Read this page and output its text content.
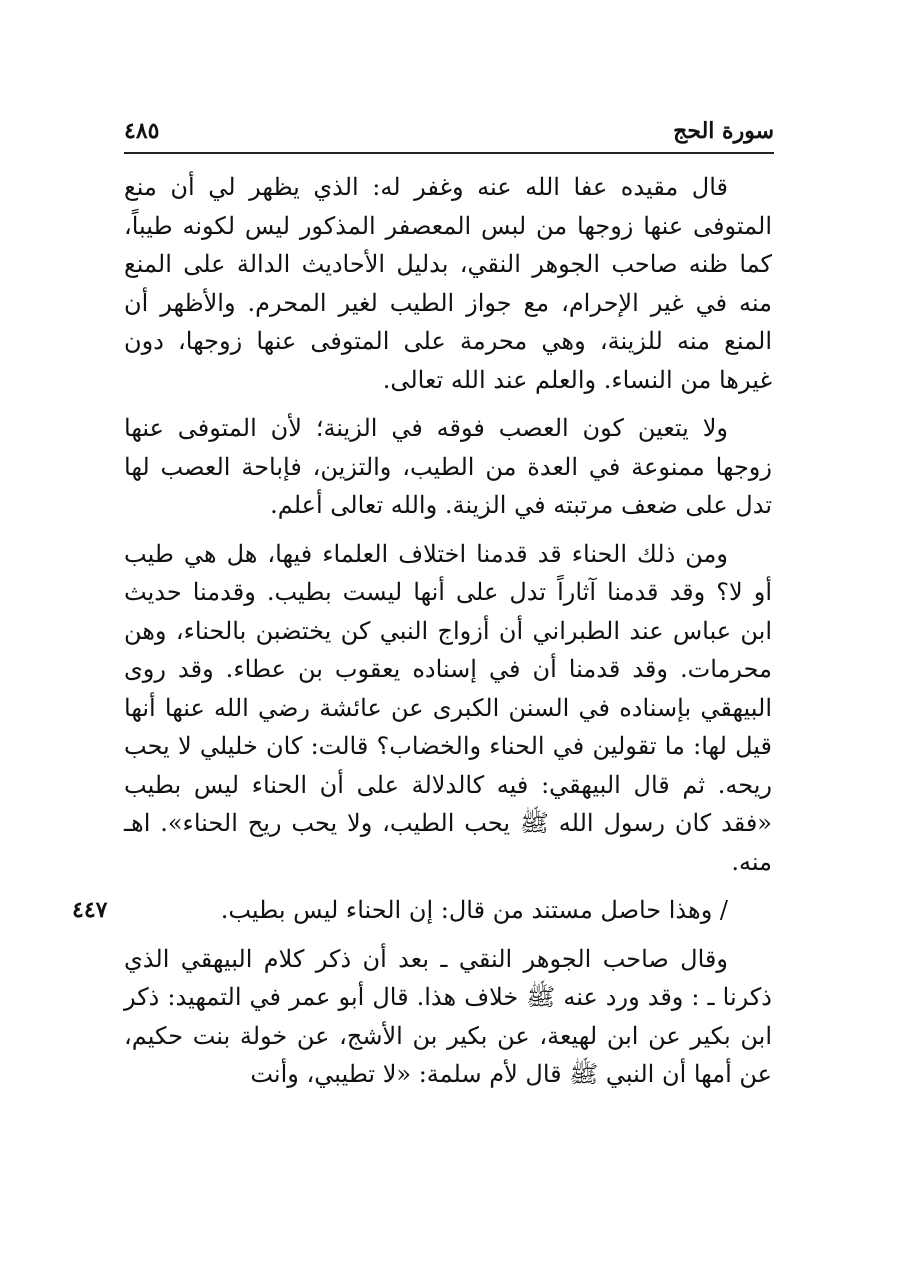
سورة الحج
٤٨٥

قال مقيده عفا الله عنه وغفر له: الذي يظهر لي أن منع المتوفى عنها زوجها من لبس المعصفر المذكور ليس لكونه طيباً، كما ظنه صاحب الجوهر النقي، بدليل الأحاديث الدالة على المنع منه في غير الإحرام، مع جواز الطيب لغير المحرم. والأظهر أن المنع منه للزينة، وهي محرمة على المتوفى عنها زوجها، دون غيرها من النساء. والعلم عند الله تعالى.

ولا يتعين كون العصب فوقه في الزينة؛ لأن المتوفى عنها زوجها ممنوعة في العدة من الطيب، والتزين، فإباحة العصب لها تدل على ضعف مرتبته في الزينة. والله تعالى أعلم.

ومن ذلك الحناء قد قدمنا اختلاف العلماء فيها، هل هي طيب أو لا؟ وقد قدمنا آثاراً تدل على أنها ليست بطيب. وقدمنا حديث ابن عباس عند الطبراني أن أزواج النبي كن يختضبن بالحناء، وهن محرمات. وقد قدمنا أن في إسناده يعقوب بن عطاء. وقد روى البيهقي بإسناده في السنن الكبرى عن عائشة رضي الله عنها أنها قيل لها: ما تقولين في الحناء والخضاب؟ قالت: كان خليلي لا يحب ريحه. ثم قال البيهقي: فيه كالدلالة على أن الحناء ليس بطيب «فقد كان رسول الله ﷺ يحب الطيب، ولا يحب ريح الحناء». اهـ منه.

/ وهذا حاصل مستند من قال: إن الحناء ليس بطيب.
٤٤٧

وقال صاحب الجوهر النقي ـ بعد أن ذكر كلام البيهقي الذي ذكرنا ـ : وقد ورد عنه ﷺ خلاف هذا. قال أبو عمر في التمهيد: ذكر ابن بكير عن ابن لهيعة، عن بكير بن الأشج، عن خولة بنت حكيم، عن أمها أن النبي ﷺ قال لأم سلمة: «لا تطيبي، وأنت
